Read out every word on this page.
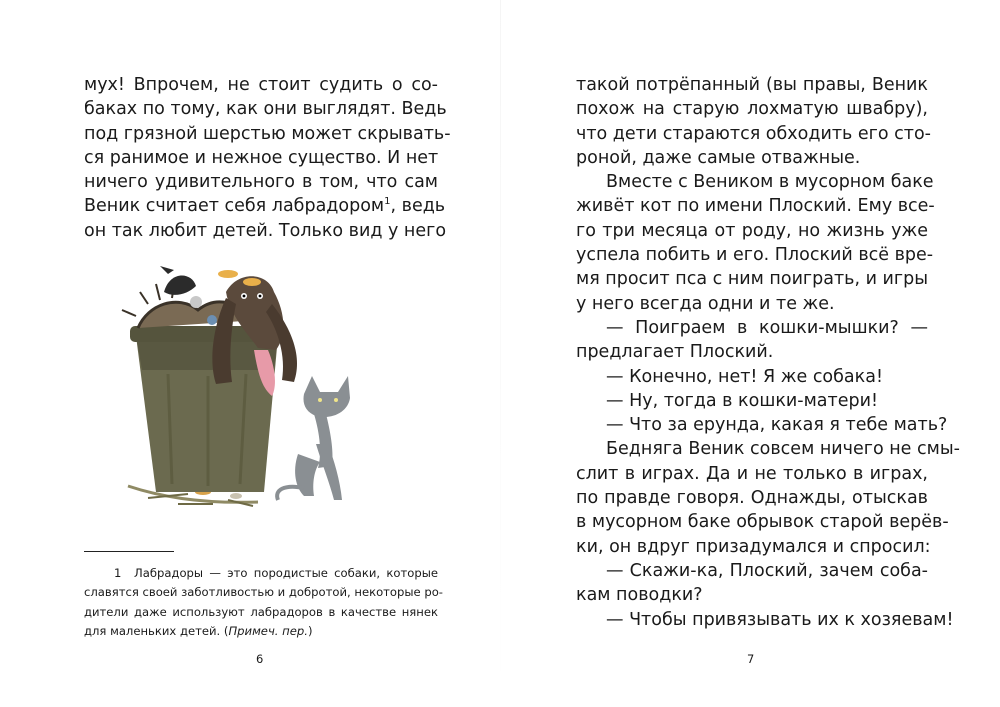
мух! Впрочем, не стоит судить о со-
баках по тому, как они выглядят. Ведь
под грязной шерстью может скрывать-
ся ранимое и нежное существо. И нет
ничего удивительного в том, что сам
Веник считает себя лабрадором$^1$, ведь
он так любит детей. Только вид у него
1 Лабрадоры — это породистые собаки, которые
славятся своей заботливостью и добротой, некоторые ро-
дители даже используют лабрадоров в качестве нянек
для маленьких детей. (Примеч. пер.)
6
такой потрёпанный (вы правы, Веник
похож на старую лохматую швабру),
что дети стараются обходить его сто-
роной, даже самые отважные.
Вместе с Веником в мусорном баке
живёт кот по имени Плоский. Ему все-
го три месяца от роду, но жизнь уже
успела побить и его. Плоский всё вре-
мя просит пса с ним поиграть, и игры
у него всегда одни и те же.
— Поиграем в кошки-мышки? —
предлагает Плоский.
— Конечно, нет! Я же собака!
— Ну, тогда в кошки-матери!
— Что за ерунда, какая я тебе мать?
Бедняга Веник совсем ничего не смы-
слит в играх. Да и не только в играх,
по правде говоря. Однажды, отыскав
в мусорном баке обрывок старой верёв-
ки, он вдруг призадумался и спросил:
— Скажи-ка, Плоский, зачем соба-
кам поводки?
— Чтобы привязывать их к хозяевам!
7
